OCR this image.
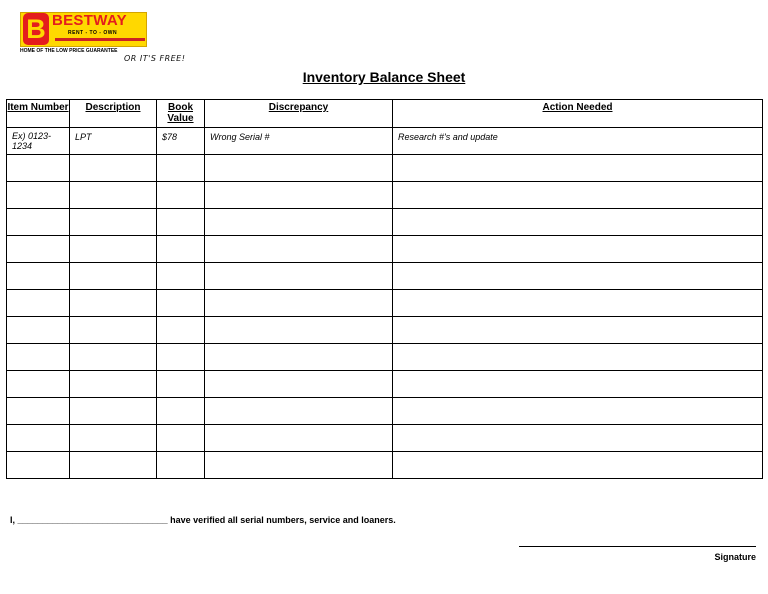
B BESTWAY
RENT - TO - OWN
HOME OF THE LOW PRICE GUARANTEE
OR IT'S FREE!
Inventory Balance Sheet
Item Number	Description	Book Value	Discrepancy	Action Needed
Ex) 0123-1234	LPT	$78	Wrong Serial #	Research #'s and update

I, ______________________________ have verified all serial numbers, service and loaners.
Signature
